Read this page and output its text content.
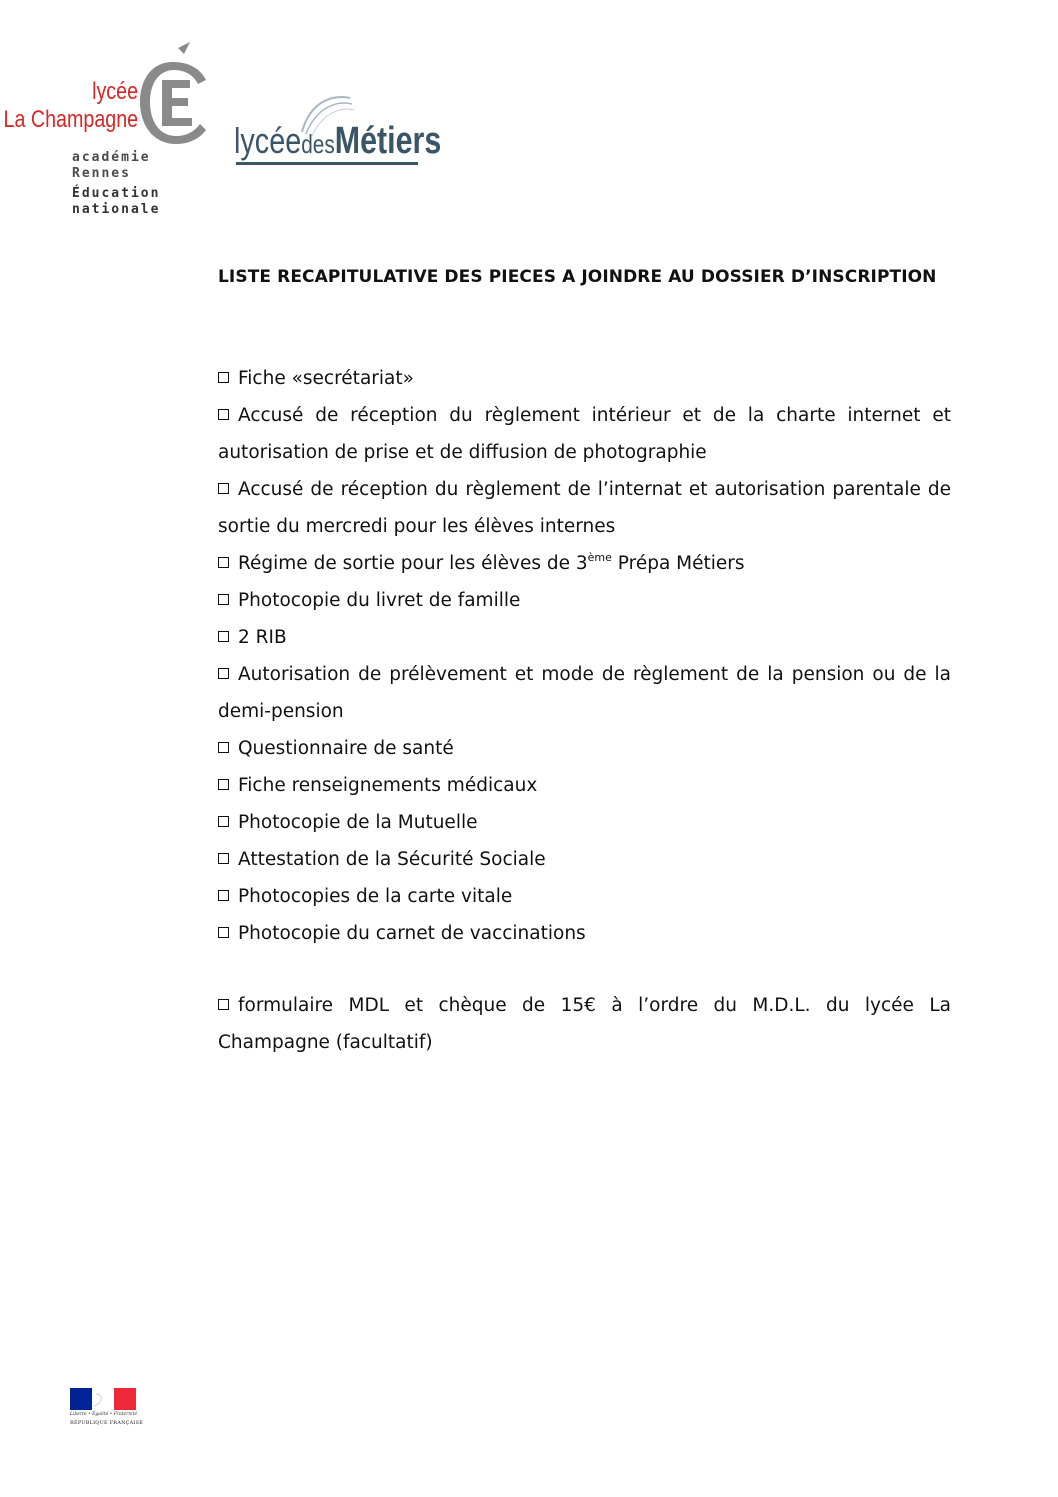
lycée
La Champagne
académie
Rennes
Éducation
nationale
lycéedesMétiers
LISTE RECAPITULATIVE DES PIECES A JOINDRE AU DOSSIER D’INSCRIPTION
Fiche «secrétariat»
Accusé de réception du règlement intérieur et de la charte internet et autorisation de prise et de diffusion de photographie
Accusé de réception du règlement de l’internat et autorisation parentale de sortie du mercredi pour les élèves internes
Régime de sortie pour les élèves de 3ème Prépa Métiers
Photocopie du livret de famille
2 RIB
Autorisation de prélèvement et mode de règlement de la pension ou de la demi-pension
Questionnaire de santé
Fiche renseignements médicaux
Photocopie de la Mutuelle
Attestation de la Sécurité Sociale
Photocopies de la carte vitale
Photocopie du carnet de vaccinations
formulaire MDL et chèque de 15€ à l’ordre du M.D.L. du lycée La Champagne (facultatif)
Liberté • Égalité • Fraternité
RÉPUBLIQUE FRANÇAISE
